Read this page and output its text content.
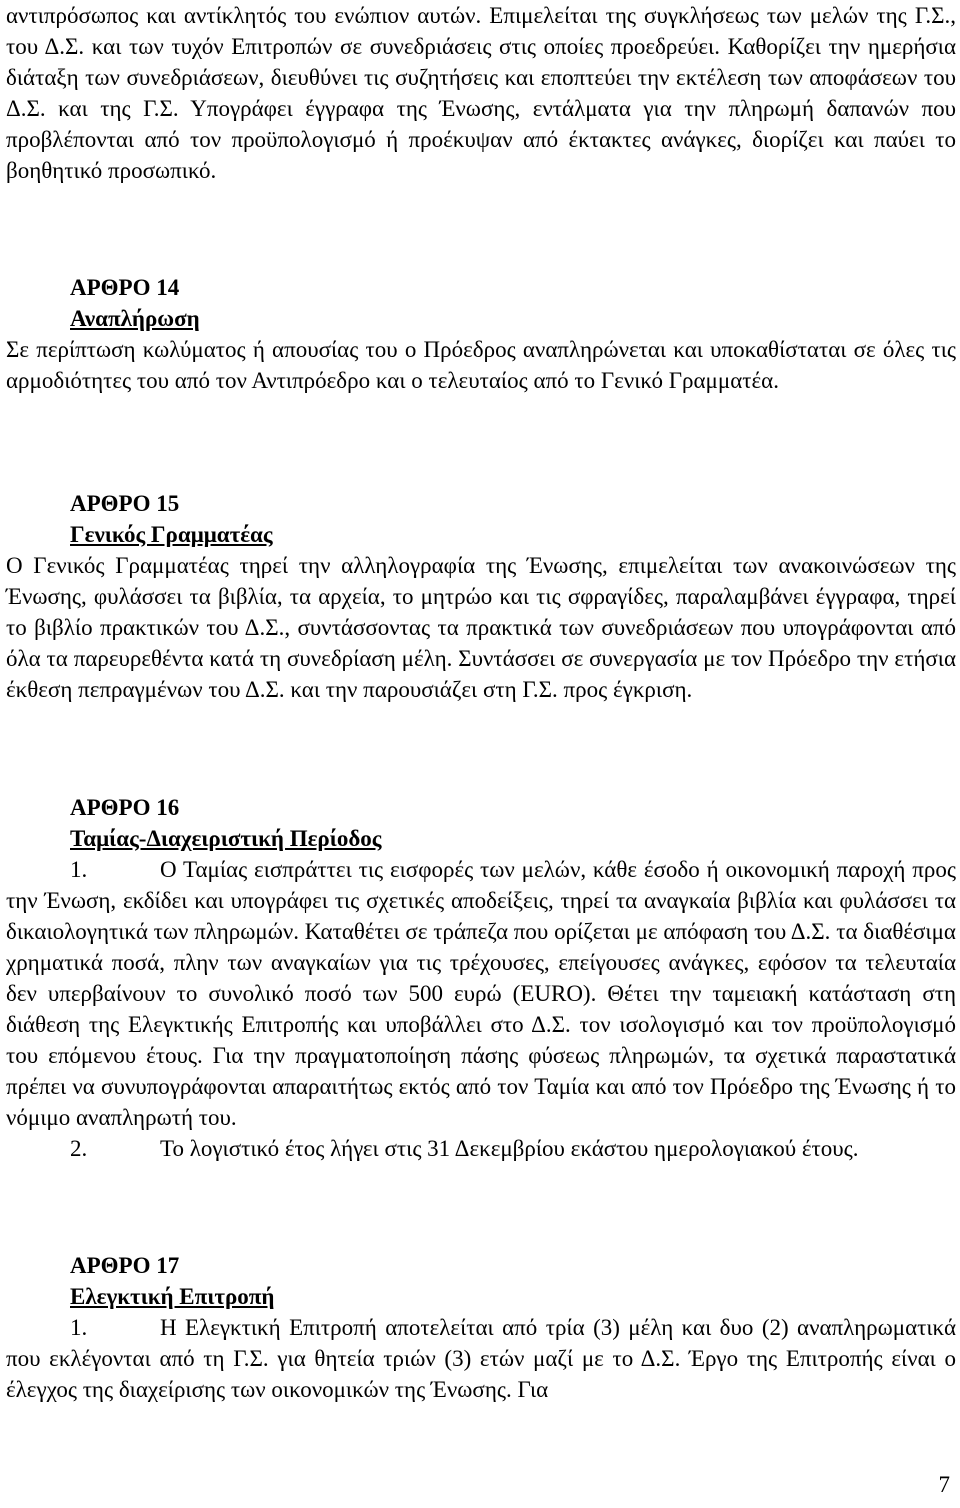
αντιπρόσωπος και αντίκλητός του ενώπιον αυτών. Επιμελείται της συγκλήσεως των μελών της Γ.Σ., του Δ.Σ. και των τυχόν Επιτροπών σε συνεδριάσεις στις οποίες προεδρεύει. Καθορίζει την ημερήσια διάταξη των συνεδριάσεων, διευθύνει τις συζητήσεις και εποπτεύει την εκτέλεση των αποφάσεων του Δ.Σ. και της Γ.Σ. Υπογράφει έγγραφα της Ένωσης, εντάλματα για την πληρωμή δαπανών που προβλέπονται από τον προϋπολογισμό ή προέκυψαν από έκτακτες ανάγκες, διορίζει και παύει το βοηθητικό προσωπικό.

ΑΡΘΡΟ 14
Αναπλήρωση

Σε περίπτωση κωλύματος ή απουσίας του ο Πρόεδρος αναπληρώνεται και υποκαθίσταται σε όλες τις αρμοδιότητες του από τον Αντιπρόεδρο και ο τελευταίος από το Γενικό Γραμματέα.

ΑΡΘΡΟ 15
Γενικός Γραμματέας

Ο Γενικός Γραμματέας τηρεί την αλληλογραφία της Ένωσης, επιμελείται των ανακοινώσεων της Ένωσης, φυλάσσει τα βιβλία, τα αρχεία, το μητρώο και τις σφραγίδες, παραλαμβάνει έγγραφα, τηρεί το βιβλίο πρακτικών του Δ.Σ., συντάσσοντας τα πρακτικά των συνεδριάσεων που υπογράφονται από όλα τα παρευρεθέντα κατά τη συνεδρίαση μέλη. Συντάσσει σε συνεργασία με τον Πρόεδρο την ετήσια έκθεση πεπραγμένων του Δ.Σ. και την παρουσιάζει στη Γ.Σ. προς έγκριση.

ΑΡΘΡΟ 16
Ταμίας-Διαχειριστική Περίοδος

1.	Ο Ταμίας εισπράττει τις εισφορές των μελών, κάθε έσοδο ή οικονομική παροχή προς την Ένωση, εκδίδει και υπογράφει τις σχετικές αποδείξεις, τηρεί τα αναγκαία βιβλία και φυλάσσει τα δικαιολογητικά των πληρωμών. Καταθέτει σε τράπεζα που ορίζεται με απόφαση του Δ.Σ. τα διαθέσιμα χρηματικά ποσά, πλην των αναγκαίων για τις τρέχουσες, επείγουσες ανάγκες, εφόσον τα τελευταία δεν υπερβαίνουν το συνολικό ποσό των 500 ευρώ (EURO). Θέτει την ταμειακή κατάσταση στη διάθεση της Ελεγκτικής Επιτροπής και υποβάλλει στο Δ.Σ. τον ισολογισμό και τον προϋπολογισμό του επόμενου έτους. Για την πραγματοποίηση πάσης φύσεως πληρωμών, τα σχετικά παραστατικά πρέπει να συνυπογράφονται απαραιτήτως εκτός από τον Ταμία και από τον Πρόεδρο της Ένωσης ή το νόμιμο αναπληρωτή του.

2.	Το λογιστικό έτος λήγει στις 31 Δεκεμβρίου εκάστου ημερολογιακού έτους.

ΑΡΘΡΟ 17
Ελεγκτική Επιτροπή

1.	Η Ελεγκτική Επιτροπή αποτελείται από τρία (3) μέλη και δυο (2) αναπληρωματικά που εκλέγονται από τη Γ.Σ. για θητεία τριών (3) ετών μαζί με το Δ.Σ. Έργο της Επιτροπής είναι ο έλεγχος της διαχείρισης των οικονομικών της Ένωσης. Για

7
